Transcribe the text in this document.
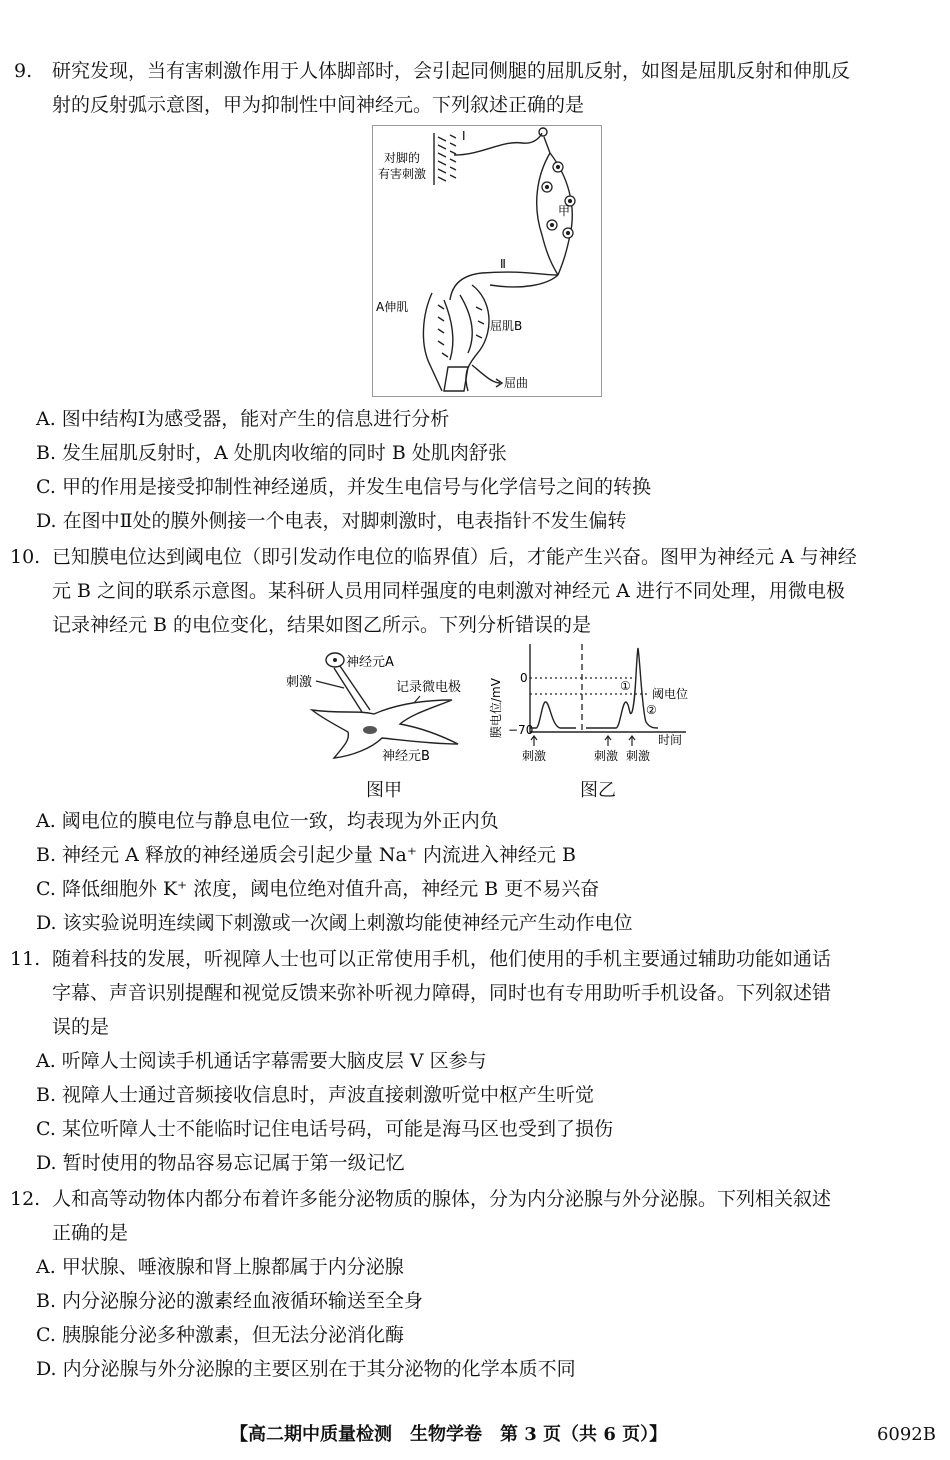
9. 研究发现，当有害刺激作用于人体脚部时，会引起同侧腿的屈肌反射，如图是屈肌反射和伸肌反
射的反射弧示意图，甲为抑制性中间神经元。下列叙述正确的是
Ⅰ
对脚的
有害刺激
甲
Ⅱ
A伸肌
屈肌B
屈曲
A. 图中结构Ⅰ为感受器，能对产生的信息进行分析
B. 发生屈肌反射时，A 处肌肉收缩的同时 B 处肌肉舒张
C. 甲的作用是接受抑制性神经递质，并发生电信号与化学信号之间的转换
D. 在图中Ⅱ处的膜外侧接一个电表，对脚刺激时，电表指针不发生偏转
10. 已知膜电位达到阈电位（即引发动作电位的临界值）后，才能产生兴奋。图甲为神经元 A 与神经
元 B 之间的联系示意图。某科研人员用同样强度的电刺激对神经元 A 进行不同处理，用微电极
记录神经元 B 的电位变化，结果如图乙所示。下列分析错误的是
神经元A
刺激	记录微电极
神经元B
图甲
膜电位/mV
0
阈电位
−70
①
②
时间
刺激	刺激 刺激
图乙
A. 阈电位的膜电位与静息电位一致，均表现为外正内负
B. 神经元 A 释放的神经递质会引起少量 Na⁺ 内流进入神经元 B
C. 降低细胞外 K⁺ 浓度，阈电位绝对值升高，神经元 B 更不易兴奋
D. 该实验说明连续阈下刺激或一次阈上刺激均能使神经元产生动作电位
11. 随着科技的发展，听视障人士也可以正常使用手机，他们使用的手机主要通过辅助功能如通话
字幕、声音识别提醒和视觉反馈来弥补听视力障碍，同时也有专用助听手机设备。下列叙述错
误的是
A. 听障人士阅读手机通话字幕需要大脑皮层 V 区参与
B. 视障人士通过音频接收信息时，声波直接刺激听觉中枢产生听觉
C. 某位听障人士不能临时记住电话号码，可能是海马区也受到了损伤
D. 暂时使用的物品容易忘记属于第一级记忆
12. 人和高等动物体内都分布着许多能分泌物质的腺体，分为内分泌腺与外分泌腺。下列相关叙述
正确的是
A. 甲状腺、唾液腺和肾上腺都属于内分泌腺
B. 内分泌腺分泌的激素经血液循环输送至全身
C. 胰腺能分泌多种激素，但无法分泌消化酶
D. 内分泌腺与外分泌腺的主要区别在于其分泌物的化学本质不同
【高二期中质量检测　生物学卷　第 3 页（共 6 页）】	6092B
